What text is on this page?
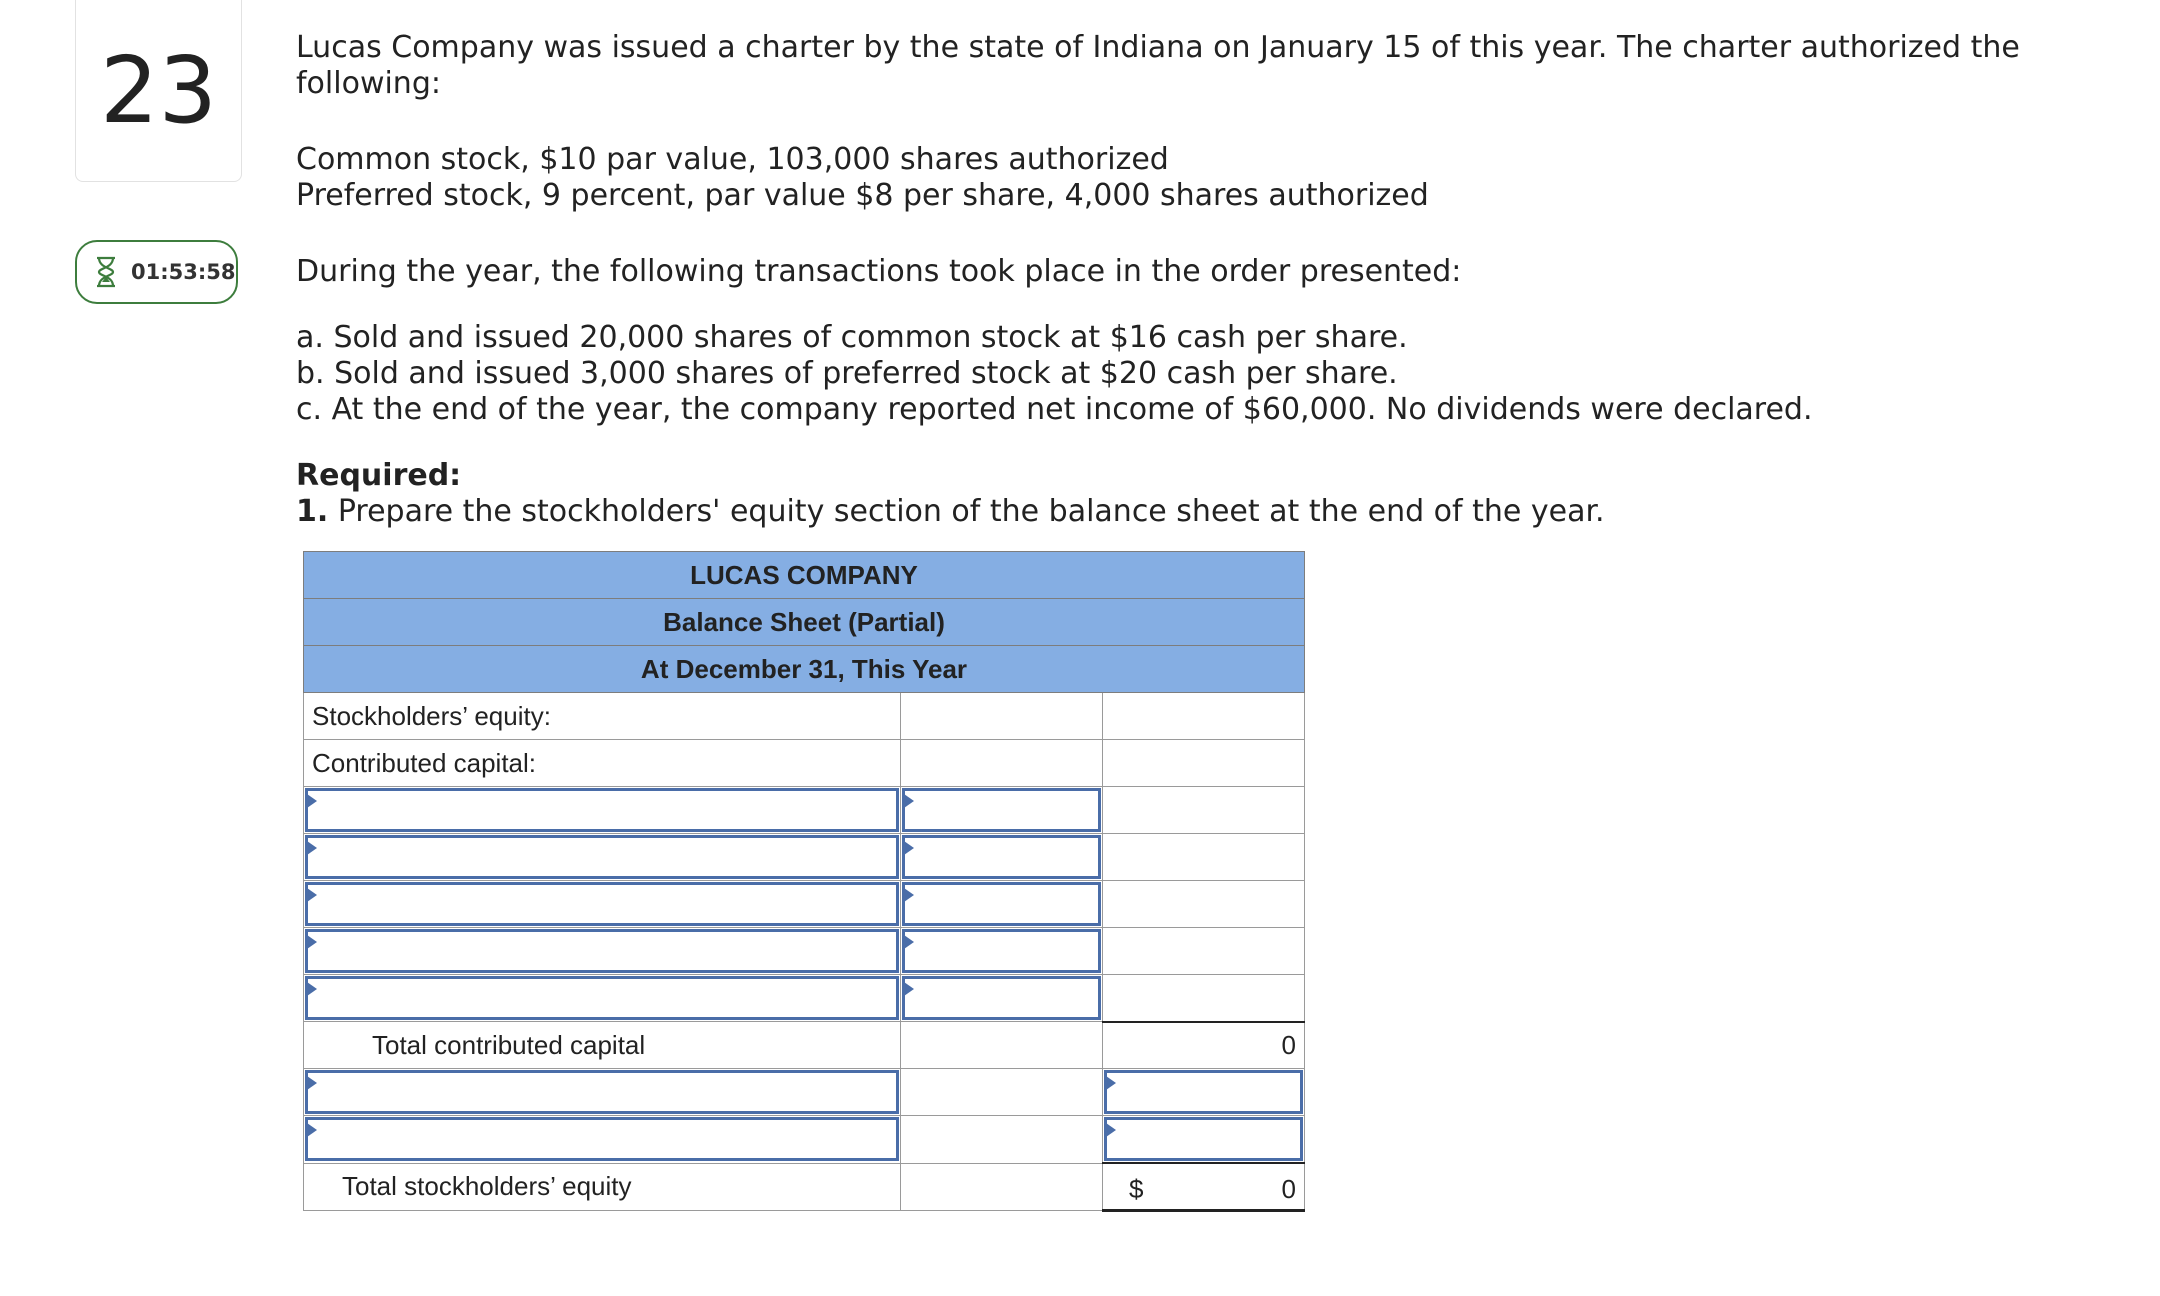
23
01:53:58

Lucas Company was issued a charter by the state of Indiana on January 15 of this year. The charter authorized the following:

Common stock, $10 par value, 103,000 shares authorized

Preferred stock, 9 percent, par value $8 per share, 4,000 shares authorized

During the year, the following transactions took place in the order presented:

a. Sold and issued 20,000 shares of common stock at $16 cash per share.

b. Sold and issued 3,000 shares of preferred stock at $20 cash per share.

c. At the end of the year, the company reported net income of $60,000. No dividends were declared.

Required:

1. Prepare the stockholders' equity section of the balance sheet at the end of the year.

LUCAS COMPANY		
Balance Sheet (Partial)		
At December 31, This Year		
Stockholders’ equity:		
Contributed capital:		

Total contributed capital		0

Total stockholders’ equity		$ 0
